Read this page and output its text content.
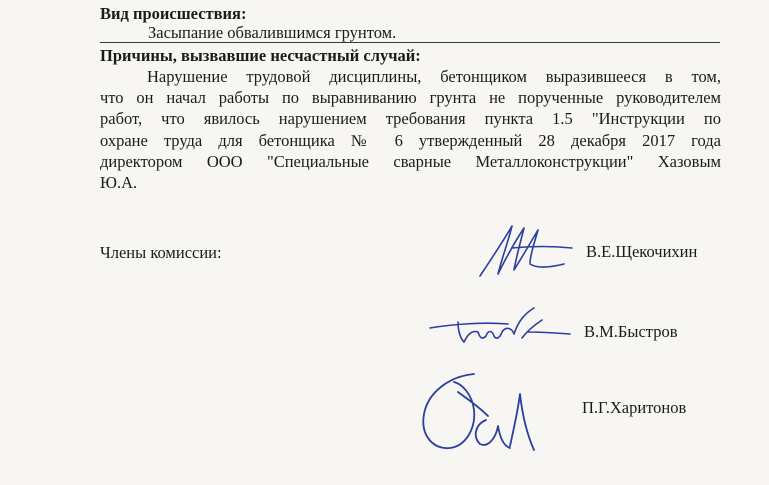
Вид происшествия:
Засыпание обвалившимся грунтом.
Причины, вызвавшие несчастный случай:
Нарушение трудовой дисциплины, бетонщиком выразившееся в том,
что он начал работы по выравниванию грунта не порученные руководителем
работ, что явилось нарушением требования пункта 1.5 "Инструкции по
охране труда для бетонщика № 6 утвержденный 28 декабря 2017 года
директором ООО "Специальные сварные Металлоконструкции" Хазовым
Ю.А.
Члены комиссии:	В.Е.Щекочихин
В.М.Быстров
П.Г.Харитонов
